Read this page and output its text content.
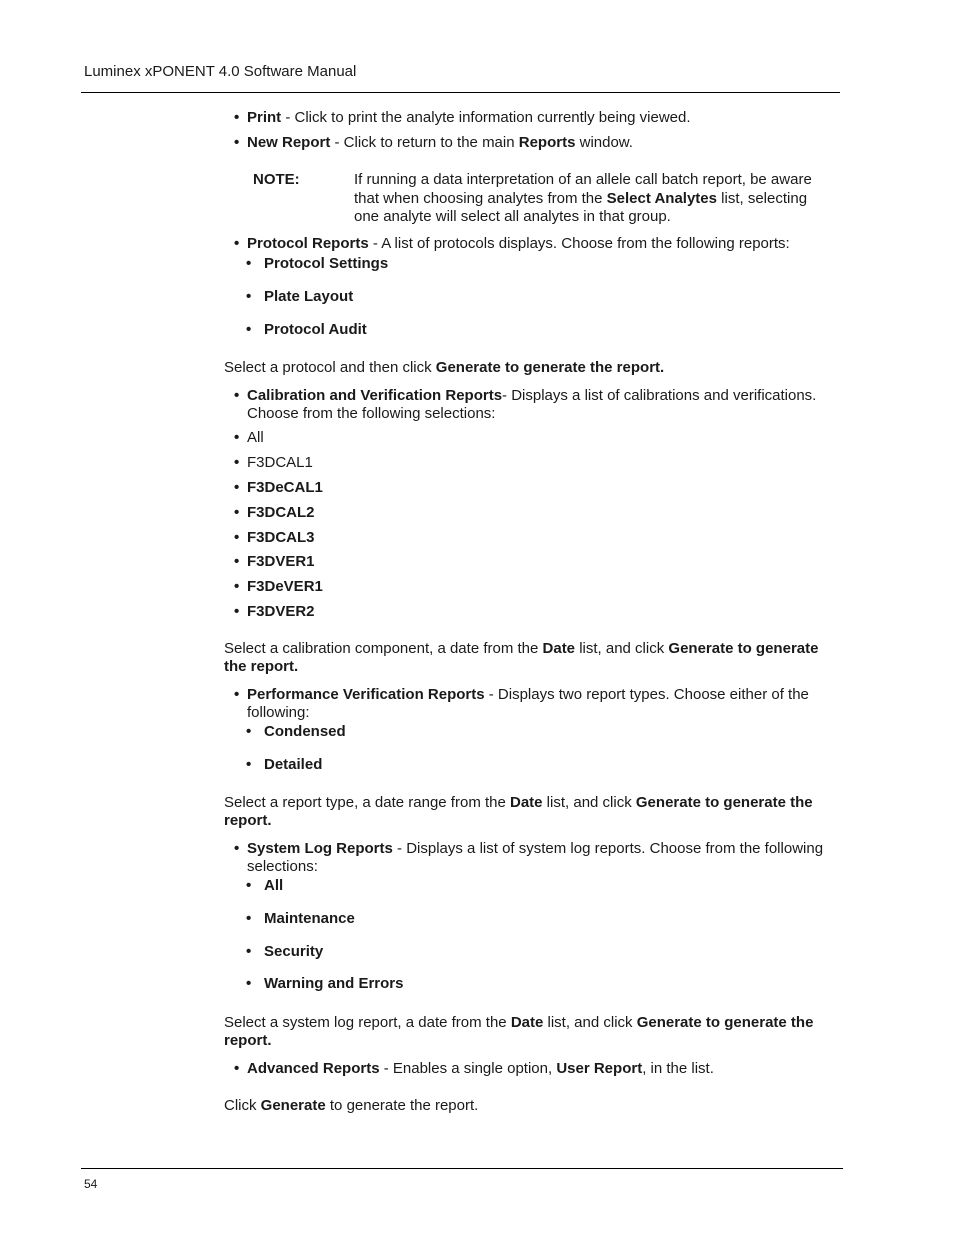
Luminex xPONENT 4.0 Software Manual
• Print - Click to print the analyte information currently being viewed.
• New Report - Click to return to the main Reports window.
NOTE:	If running a data interpretation of an allele call batch report, be aware that when choosing analytes from the Select Analytes list, selecting one analyte will select all analytes in that group.
• Protocol Reports - A list of protocols displays. Choose from the following reports:
• Protocol Settings
• Plate Layout
• Protocol Audit
Select a protocol and then click Generate to generate the report.
• Calibration and Verification Reports- Displays a list of calibrations and verifications. Choose from the following selections:
• All
• F3DCAL1
• F3DeCAL1
• F3DCAL2
• F3DCAL3
• F3DVER1
• F3DeVER1
• F3DVER2
Select a calibration component, a date from the Date list, and click Generate to generate the report.
• Performance Verification Reports - Displays two report types. Choose either of the following:
• Condensed
• Detailed
Select a report type, a date range from the Date list, and click Generate to generate the report.
• System Log Reports - Displays a list of system log reports. Choose from the following selections:
• All
• Maintenance
• Security
• Warning and Errors
Select a system log report, a date from the Date list, and click Generate to generate the report.
• Advanced Reports - Enables a single option, User Report, in the list.
Click Generate to generate the report.
54
